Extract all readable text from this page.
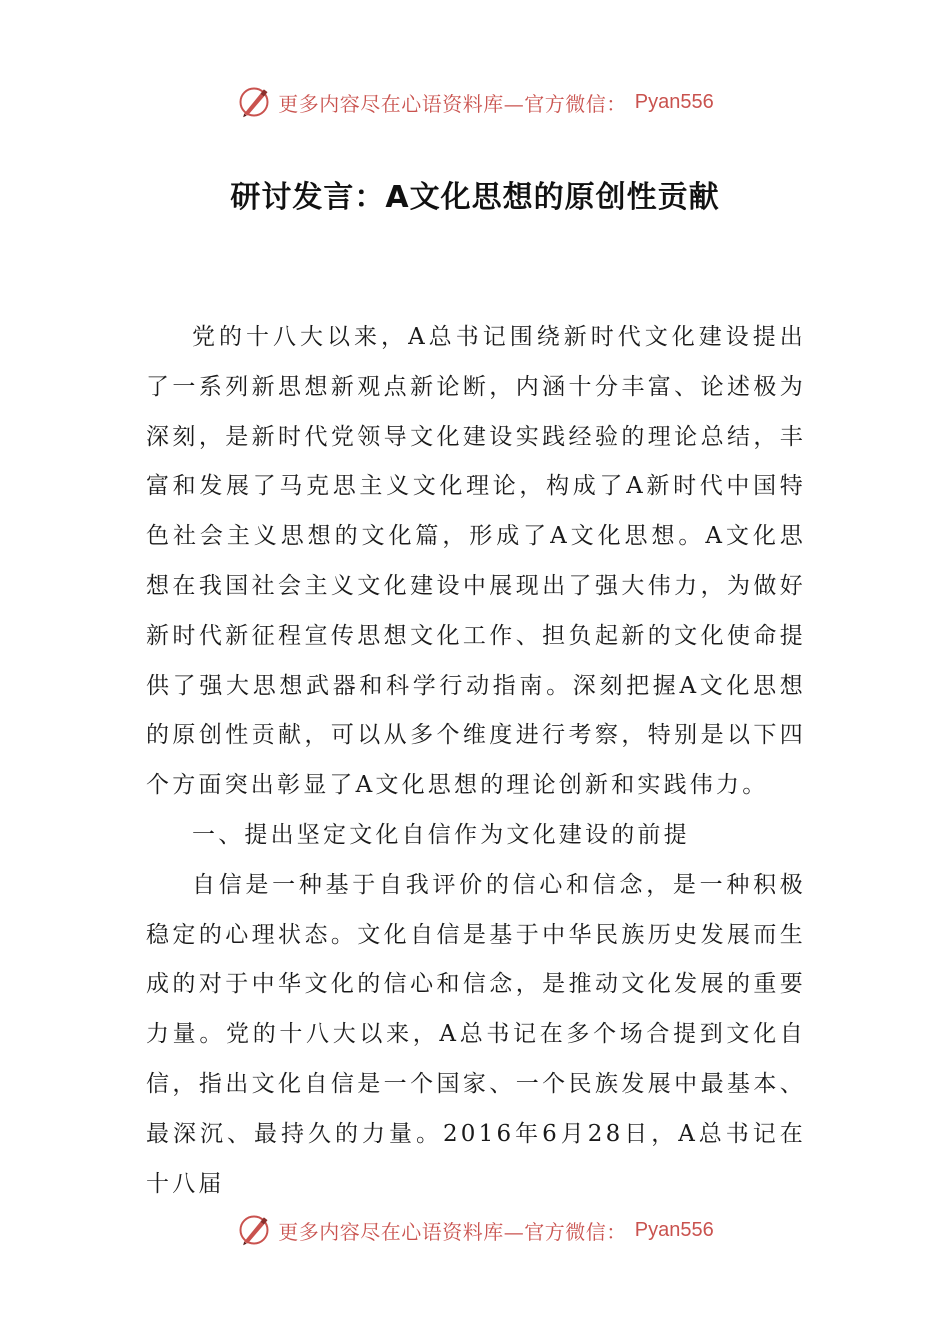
更多内容尽在心语资料库—官方微信： Pyan556
研讨发言：A文化思想的原创性贡献

党的十八大以来，A总书记围绕新时代文化建设提出了一系列新思想新观点新论断，内涵十分丰富、论述极为深刻，是新时代党领导文化建设实践经验的理论总结，丰富和发展了马克思主义文化理论，构成了A新时代中国特色社会主义思想的文化篇，形成了A文化思想。A文化思想在我国社会主义文化建设中展现出了强大伟力，为做好新时代新征程宣传思想文化工作、担负起新的文化使命提供了强大思想武器和科学行动指南。深刻把握A文化思想的原创性贡献，可以从多个维度进行考察，特别是以下四个方面突出彰显了A文化思想的理论创新和实践伟力。

一、提出坚定文化自信作为文化建设的前提

自信是一种基于自我评价的信心和信念，是一种积极稳定的心理状态。文化自信是基于中华民族历史发展而生成的对于中华文化的信心和信念，是推动文化发展的重要力量。党的十八大以来，A总书记在多个场合提到文化自信，指出文化自信是一个国家、一个民族发展中最基本、最深沉、最持久的力量。2016年6月28日，A总书记在十八届

更多内容尽在心语资料库—官方微信： Pyan556
